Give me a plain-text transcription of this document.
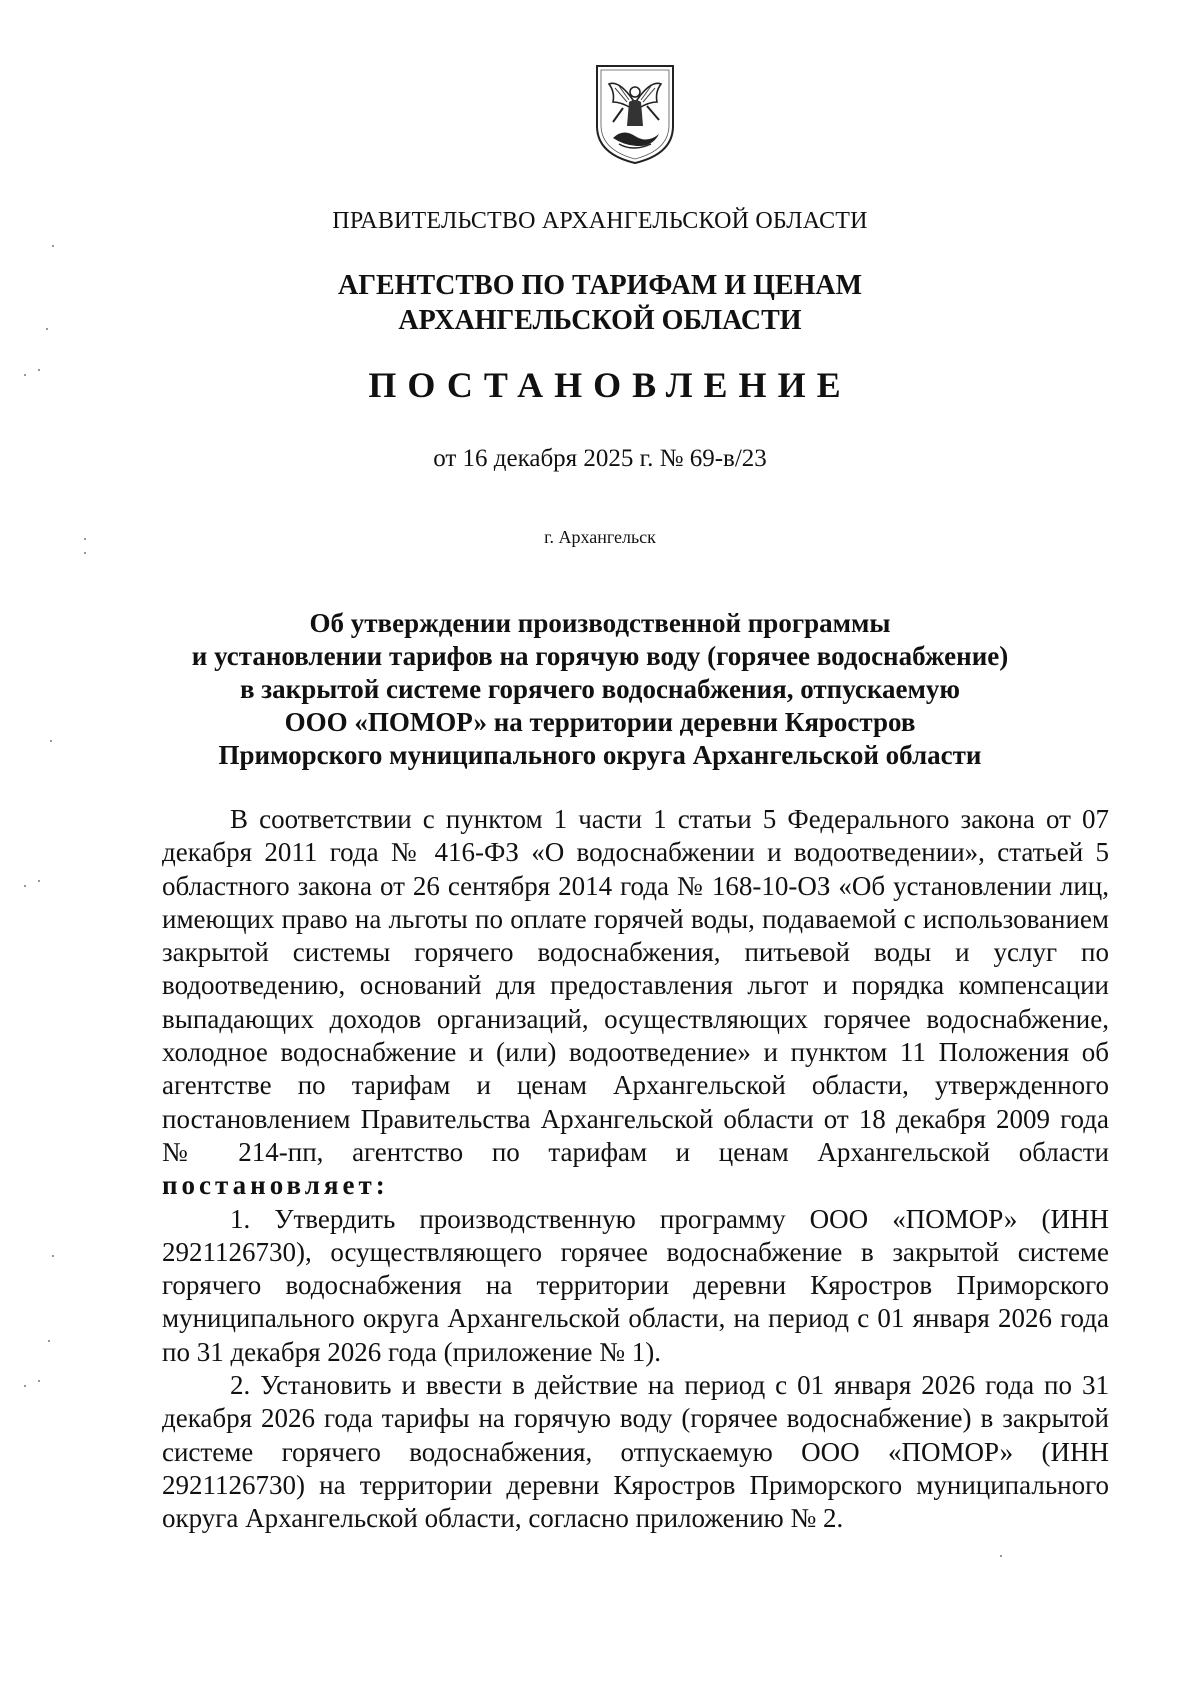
ПРАВИТЕЛЬСТВО АРХАНГЕЛЬСКОЙ ОБЛАСТИ
АГЕНТСТВО ПО ТАРИФАМ И ЦЕНАМ
АРХАНГЕЛЬСКОЙ ОБЛАСТИ
ПОСТАНОВЛЕНИЕ
от 16 декабря 2025 г. № 69-в/23
г. Архангельск
Об утверждении производственной программы
и установлении тарифов на горячую воду (горячее водоснабжение)
в закрытой системе горячего водоснабжения, отпускаемую
ООО «ПОМОР» на территории деревни Кяростров
Приморского муниципального округа Архангельской области

В соответствии с пунктом 1 части 1 статьи 5 Федерального закона от 07 декабря 2011 года № 416-ФЗ «О водоснабжении и водоотведении», статьей 5 областного закона от 26 сентября 2014 года № 168-10-ОЗ «Об установлении лиц, имеющих право на льготы по оплате горячей воды, подаваемой с использованием закрытой системы горячего водоснабжения, питьевой воды и услуг по водоотведению, оснований для предоставления льгот и порядка компенсации выпадающих доходов организаций, осуществляющих горячее водоснабжение, холодное водоснабжение и (или) водоотведение» и пунктом 11 Положения об агентстве по тарифам и ценам Архангельской области, утвержденного постановлением Правительства Архангельской области от 18 декабря 2009 года № 214-пп, агентство по тарифам и ценам Архангельской области постановляет:

1. Утвердить производственную программу ООО «ПОМОР» (ИНН 2921126730), осуществляющего горячее водоснабжение в закрытой системе горячего водоснабжения на территории деревни Кяростров Приморского муниципального округа Архангельской области, на период с 01 января 2026 года по 31 декабря 2026 года (приложение № 1).

2. Установить и ввести в действие на период с 01 января 2026 года по 31 декабря 2026 года тарифы на горячую воду (горячее водоснабжение) в закрытой системе горячего водоснабжения, отпускаемую ООО «ПОМОР» (ИНН 2921126730) на территории деревни Кяростров Приморского муниципального округа Архангельской области, согласно приложению № 2.
